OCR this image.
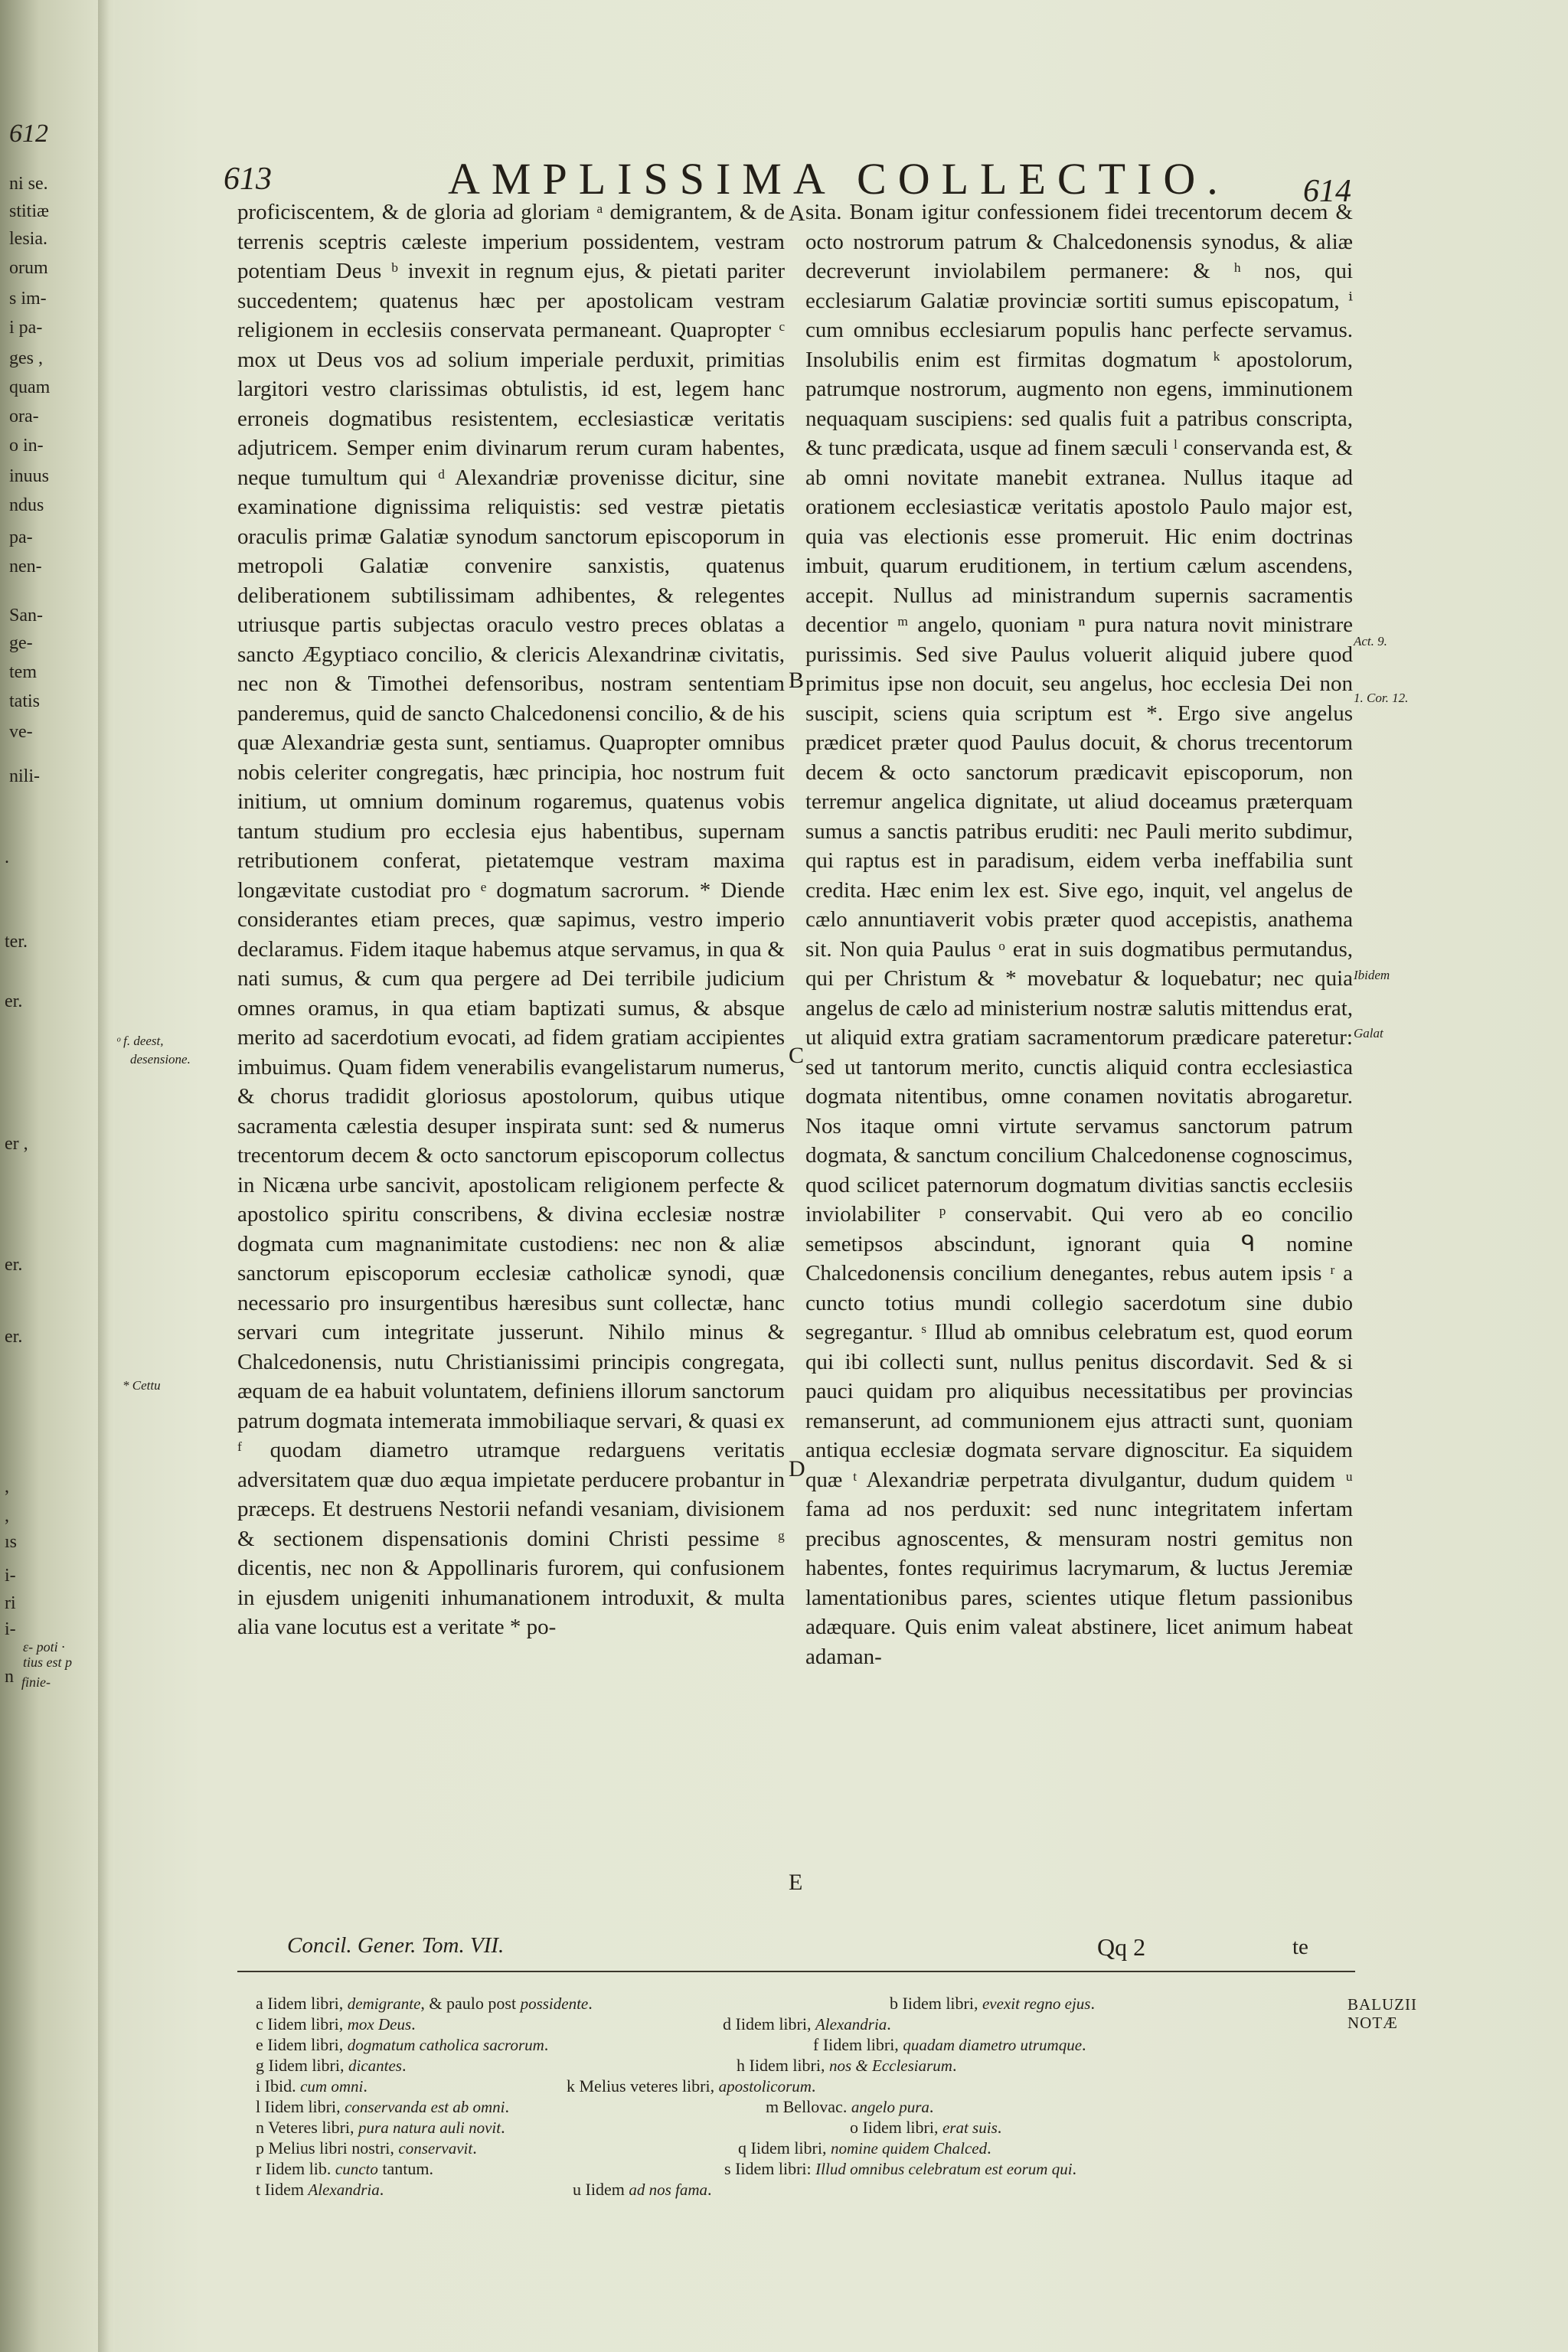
612
ni se.
stitiæ
lesia.
orum
s im-
i pa-
ges ,
quam
ora-
o in-
inuus
ndus
pa-
nen-
San-
ge-
tem
tatis
ve-
nili-
.
ter.
er.
er ,
er.
er.
,
,
ıs
i-
ri
i-
n
ε- poti ·
tius est p
finie-
613	AMPLISSIMA COLLECTIO. 614

proficiscentem, & de gloria ad gloriam ᵃ demigrantem, & de terrenis sceptris cæleste imperium possidentem, vestram potentiam Deus ᵇ invexit in regnum ejus, & pietati pariter succedentem; quatenus hæc per apostolicam vestram religionem in ecclesiis conservata permaneant. Quapropter ᶜ mox ut Deus vos ad solium imperiale perduxit, primitias largitori vestro clarissimas obtulistis, id est, legem hanc erroneis dogmatibus resistentem, ecclesiasticæ veritatis adjutricem. Semper enim divinarum rerum curam habentes, neque tumultum qui ᵈ Alexandriæ provenisse dicitur, sine examinatione dignissima reliquistis: sed vestræ pietatis oraculis primæ Galatiæ synodum sanctorum episcoporum in metropoli Galatiæ convenire sanxistis, quatenus deliberationem subtilissimam adhibentes, & relegentes utriusque partis subjectas oraculo vestro preces oblatas a sancto Ægyptiaco concilio, & clericis Alexandrinæ civitatis, nec non & Timothei defensoribus, nostram sententiam panderemus, quid de sancto Chalcedonensi concilio, & de his quæ Alexandriæ gesta sunt, sentiamus. Quapropter omnibus nobis celeriter congregatis, hæc principia, hoc nostrum fuit initium, ut omnium dominum rogaremus, quatenus vobis tantum studium pro ecclesia ejus habentibus, supernam retributionem conferat, pietatemque vestram maxima longævitate custodiat pro ᵉ dogmatum sacrorum. * Diende considerantes etiam preces, quæ sapimus, vestro imperio declaramus. Fidem itaque habemus atque servamus, in qua & nati sumus, & cum qua pergere ad Dei terribile judicium omnes oramus, in qua etiam baptizati sumus, & absque merito ad sacerdotium evocati, ad fidem gratiam accipientes imbuimus. Quam fidem venerabilis evangelistarum numerus, & chorus tradidit gloriosus apostolorum, quibus utique sacramenta cælestia desuper inspirata sunt: sed & numerus trecentorum decem & octo sanctorum episcoporum collectus in Nicæna urbe sancivit, apostolicam religionem perfecte & apostolico spiritu conscribens, & divina ecclesiæ nostræ dogmata cum magnanimitate custodiens: nec non & aliæ sanctorum episcoporum ecclesiæ catholicæ synodi, quæ necessario pro insurgentibus hæresibus sunt collectæ, hanc servari cum integritate jusserunt. Nihilo minus & Chalcedonensis, nutu Christianissimi principis congregata, æquam de ea habuit voluntatem, definiens illorum sanctorum patrum dogmata intemerata immobiliaque servari, & quasi ex ᶠ quodam diametro utramque redarguens veritatis adversitatem quæ duo æqua impietate perducere probantur in præceps. Et destruens Nestorii nefandi vesaniam, divisionem & sectionem dispensationis domini Christi pessime ᵍ dicentis, nec non & Appollinaris furorem, qui confusionem in ejusdem unigeniti inhumanationem introduxit, & multa alia vane locutus est a veritate * po-

sita. Bonam igitur confessionem fidei trecentorum decem & octo nostrorum patrum & Chalcedonensis synodus, & aliæ decreverunt inviolabilem permanere: & ʰ nos, qui ecclesiarum Galatiæ provinciæ sortiti sumus episcopatum, ⁱ cum omnibus ecclesiarum populis hanc perfecte servamus. Insolubilis enim est firmitas dogmatum ᵏ apostolorum, patrumque nostrorum, augmento non egens, imminutionem nequaquam suscipiens: sed qualis fuit a patribus conscripta, & tunc prædicata, usque ad finem sæculi ˡ conservanda est, & ab omni novitate manebit extranea. Nullus itaque ad orationem ecclesiasticæ veritatis apostolo Paulo major est, quia vas electionis esse promeruit. Hic enim doctrinas imbuit, quarum eruditionem, in tertium cælum ascendens, accepit. Nullus ad ministrandum supernis sacramentis decentior ᵐ angelo, quoniam ⁿ pura natura novit ministrare purissimis. Sed sive Paulus voluerit aliquid jubere quod primitus ipse non docuit, seu angelus, hoc ecclesia Dei non suscipit, sciens quia scriptum est *. Ergo sive angelus prædicet præter quod Paulus docuit, & chorus trecentorum decem & octo sanctorum prædicavit episcoporum, non terremur angelica dignitate, ut aliud doceamus præterquam sumus a sanctis patribus eruditi: nec Pauli merito subdimur, qui raptus est in paradisum, eidem verba ineffabilia sunt credita. Hæc enim lex est. Sive ego, inquit, vel angelus de cælo annuntiaverit vobis præter quod accepistis, anathema sit. Non quia Paulus ᵒ erat in suis dogmatibus permutandus, qui per Christum & * movebatur & loquebatur; nec quia angelus de cælo ad ministerium nostræ salutis mittendus erat, ut aliquid extra gratiam sacramentorum prædicare pateretur: sed ut tantorum merito, cunctis aliquid contra ecclesiastica dogmata nitentibus, omne conamen novitatis abrogaretur. Nos itaque omni virtute servamus sanctorum patrum dogmata, & sanctum concilium Chalcedonense cognoscimus, quod scilicet paternorum dogmatum divitias sanctis ecclesiis inviolabiliter ᵖ conservabit. Qui vero ab eo concilio semetipsos abscindunt, ignorant quia ᑫ nomine Chalcedonensis concilium denegantes, rebus autem ipsis ʳ a cuncto totius mundi collegio sacerdotum sine dubio segregantur. ˢ Illud ab omnibus celebratum est, quod eorum qui ibi collecti sunt, nullus penitus discordavit. Sed & si pauci quidam pro aliquibus necessitatibus per provincias remanserunt, ad communionem ejus attracti sunt, quoniam antiqua ecclesiæ dogmata servare dignoscitur. Ea siquidem quæ ᵗ Alexandriæ perpetrata divulgantur, dudum quidem ᵘ fama ad nos perduxit: sed nunc integritatem infertam precibus agnoscentes, & mensuram nostri gemitus non habentes, fontes requirimus lacrymarum, & luctus Jeremiæ lamentationibus pares, scientes utique fletum passionibus adæquare. Quis enim valeat abstinere, licet animum habeat adaman-

A
B
C
D
E
ᵒ f. deest,
desensione.
* Cettu
Act. 9.
1. Cor. 12.
Ibidem
Galat
Concil. Gener. Tom. VII.	Qq 2	te
BALUZII
NOTÆ
a Iidem libri, demigrante, & paulo post possidente.	b Iidem libri, evexit regno ejus.
c Iidem libri, mox Deus.	d Iidem libri, Alexandria.
e Iidem libri, dogmatum catholica sacrorum.	f Iidem libri, quadam diametro utrumque.
g Iidem libri, dicantes.	h Iidem libri, nos & Ecclesiarum.
i Ibid. cum omni.	k Melius veteres libri, apostolicorum.
l Iidem libri, conservanda est ab omni.	m Bellovac. angelo pura.
n Veteres libri, pura natura auli novit.	o Iidem libri, erat suis.
p Melius libri nostri, conservavit.	q Iidem libri, nomine quidem Chalced.
r Iidem lib. cuncto tantum.	s Iidem libri: Illud omnibus celebratum est eorum qui.
t Iidem Alexandria.	u Iidem ad nos fama.
